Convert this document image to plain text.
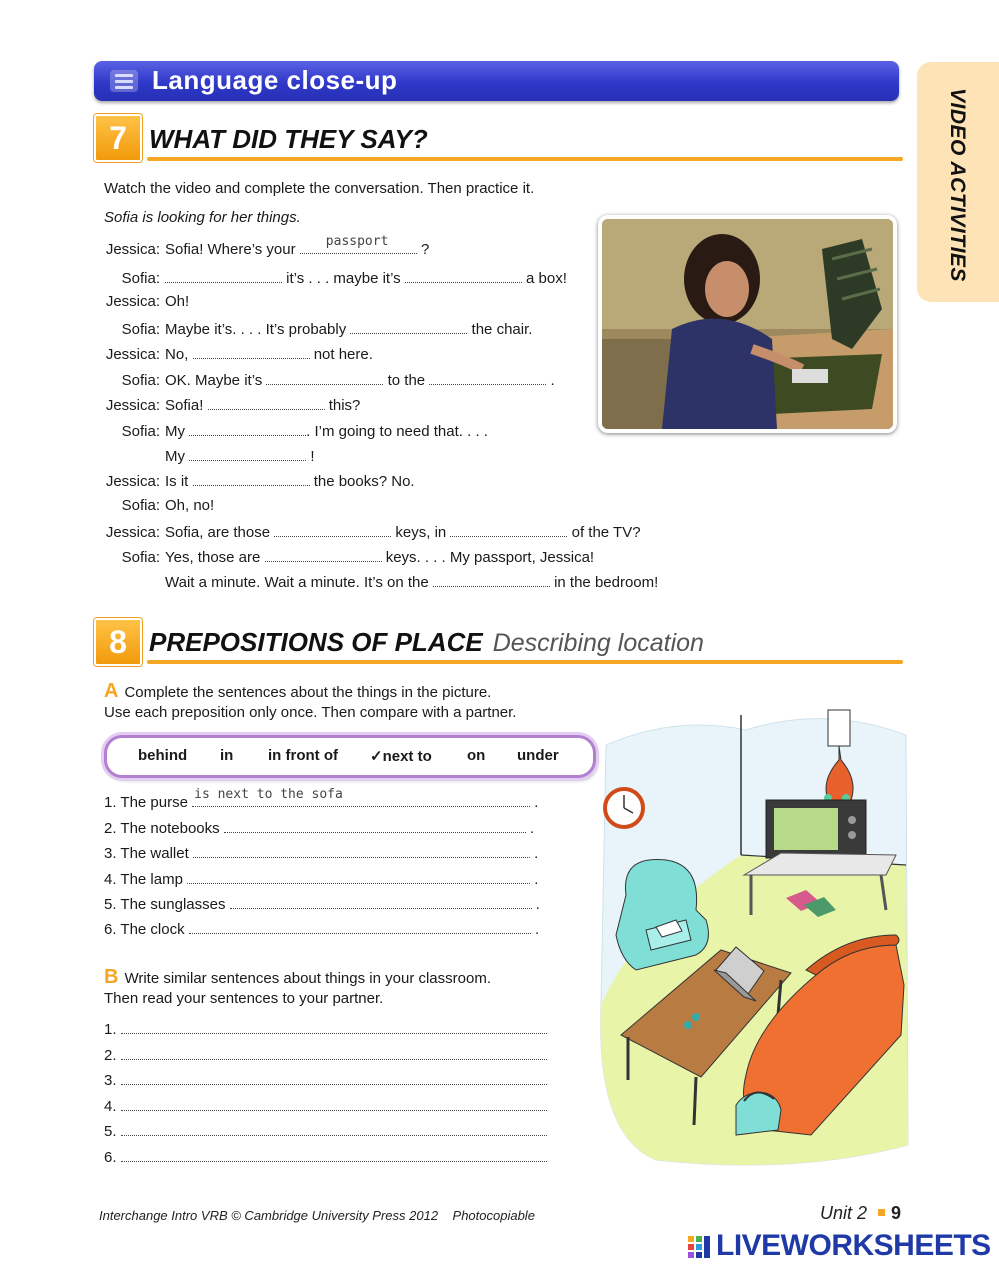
Language close-up
VIDEO ACTIVITIES
7 WHAT DID THEY SAY?
Watch the video and complete the conversation. Then practice it.
Sofia is looking for her things.
Jessica: Sofia! Where’s your passport ?
Sofia:	it’s . . . maybe it’s	a box!
Jessica: Oh!
Sofia: Maybe it’s. . . . It’s probably	the chair.
Jessica: No,	not here.
Sofia: OK. Maybe it’s	to the	.
Jessica: Sofia!	this?
Sofia: My	. I’m going to need that. . . .
My	!
Jessica: Is it	the books? No.
Sofia: Oh, no!
Jessica: Sofia, are those	keys, in	of the TV?
Sofia: Yes, those are	keys. . . . My passport, Jessica!
Wait a minute. Wait a minute. It’s on the	in the bedroom!
8 PREPOSITIONS OF PLACE Describing location
A Complete the sentences about the things in the picture.
Use each preposition only once. Then compare with a partner.
behind in in front of ✓next to on under
1. The purse is next to the sofa	.
2. The notebooks	.
3. The wallet	.
4. The lamp	.
5. The sunglasses	.
6. The clock	.
B Write similar sentences about things in your classroom.
Then read your sentences to your partner.
1.
2.
3.
4.
5.
6.
Interchange Intro VRB © Cambridge University Press 2012 Photocopiable	Unit 2 9
LIVEWORKSHEETS
